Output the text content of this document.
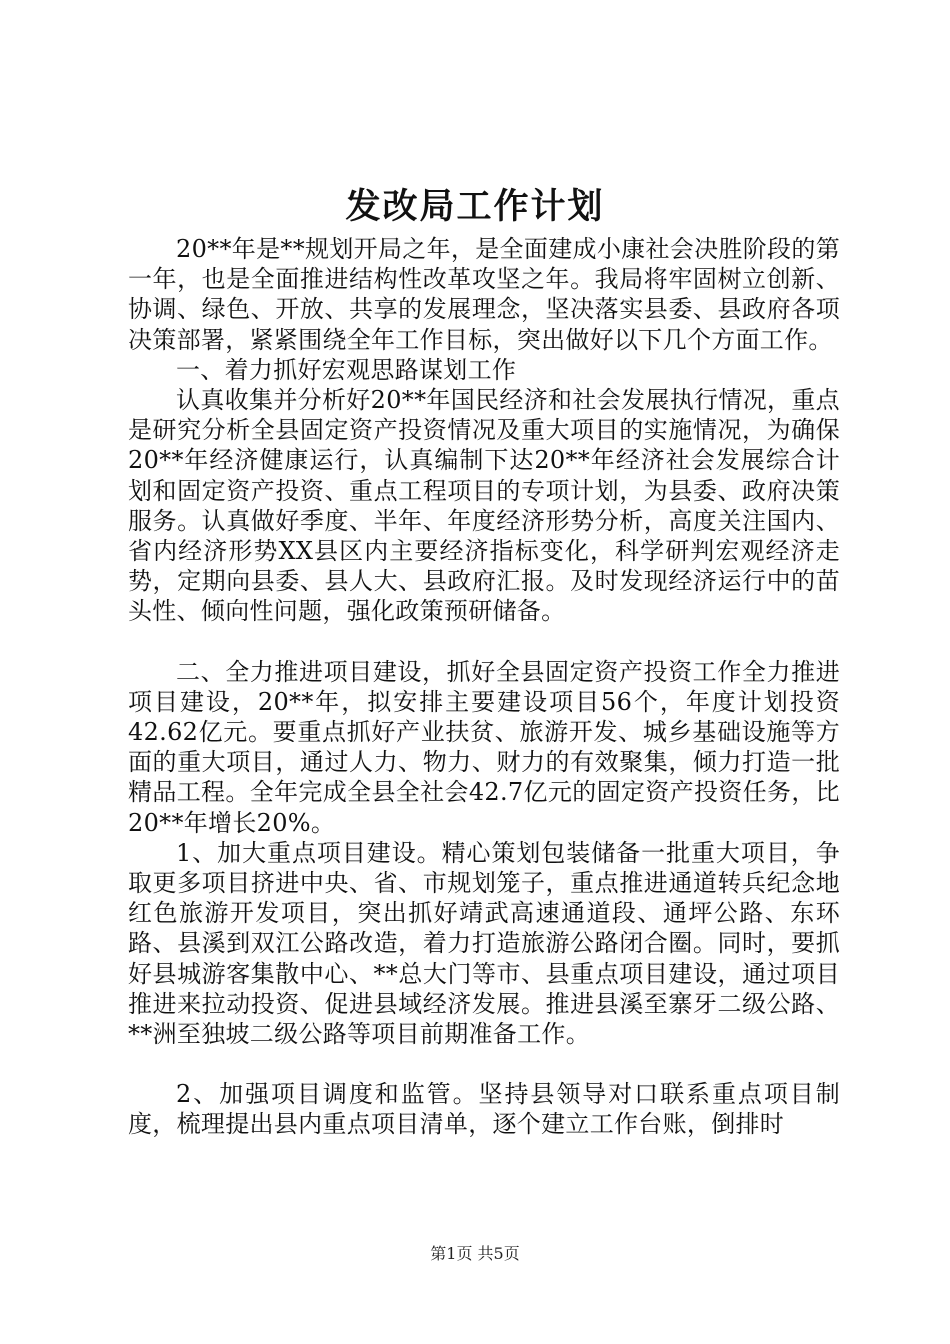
发改局工作计划

20**年是**规划开局之年，是全面建成小康社会决胜阶段的第一年，也是全面推进结构性改革攻坚之年。我局将牢固树立创新、协调、绿色、开放、共享的发展理念，坚决落实县委、县政府各项决策部署，紧紧围绕全年工作目标，突出做好以下几个方面工作。

一、着力抓好宏观思路谋划工作

认真收集并分析好20**年国民经济和社会发展执行情况，重点是研究分析全县固定资产投资情况及重大项目的实施情况，为确保20**年经济健康运行，认真编制下达20**年经济社会发展综合计划和固定资产投资、重点工程项目的专项计划，为县委、政府决策服务。认真做好季度、半年、年度经济形势分析，高度关注国内、省内经济形势XX县区内主要经济指标变化，科学研判宏观经济走势，定期向县委、县人大、县政府汇报。及时发现经济运行中的苗头性、倾向性问题，强化政策预研储备。

二、全力推进项目建设，抓好全县固定资产投资工作全力推进项目建设，20**年，拟安排主要建设项目56个，年度计划投资42.62亿元。要重点抓好产业扶贫、旅游开发、城乡基础设施等方面的重大项目，通过人力、物力、财力的有效聚集，倾力打造一批精品工程。全年完成全县全社会42.7亿元的固定资产投资任务，比20**年增长20%。

1、加大重点项目建设。精心策划包装储备一批重大项目，争取更多项目挤进中央、省、市规划笼子，重点推进通道转兵纪念地红色旅游开发项目，突出抓好靖武高速通道段、通坪公路、东环路、县溪到双江公路改造，着力打造旅游公路闭合圈。同时，要抓好县城游客集散中心、**总大门等市、县重点项目建设，通过项目推进来拉动投资、促进县域经济发展。推进县溪至寨牙二级公路、**洲至独坡二级公路等项目前期准备工作。

2、加强项目调度和监管。坚持县领导对口联系重点项目制度，梳理提出县内重点项目清单，逐个建立工作台账，倒排时

第1页 共5页
